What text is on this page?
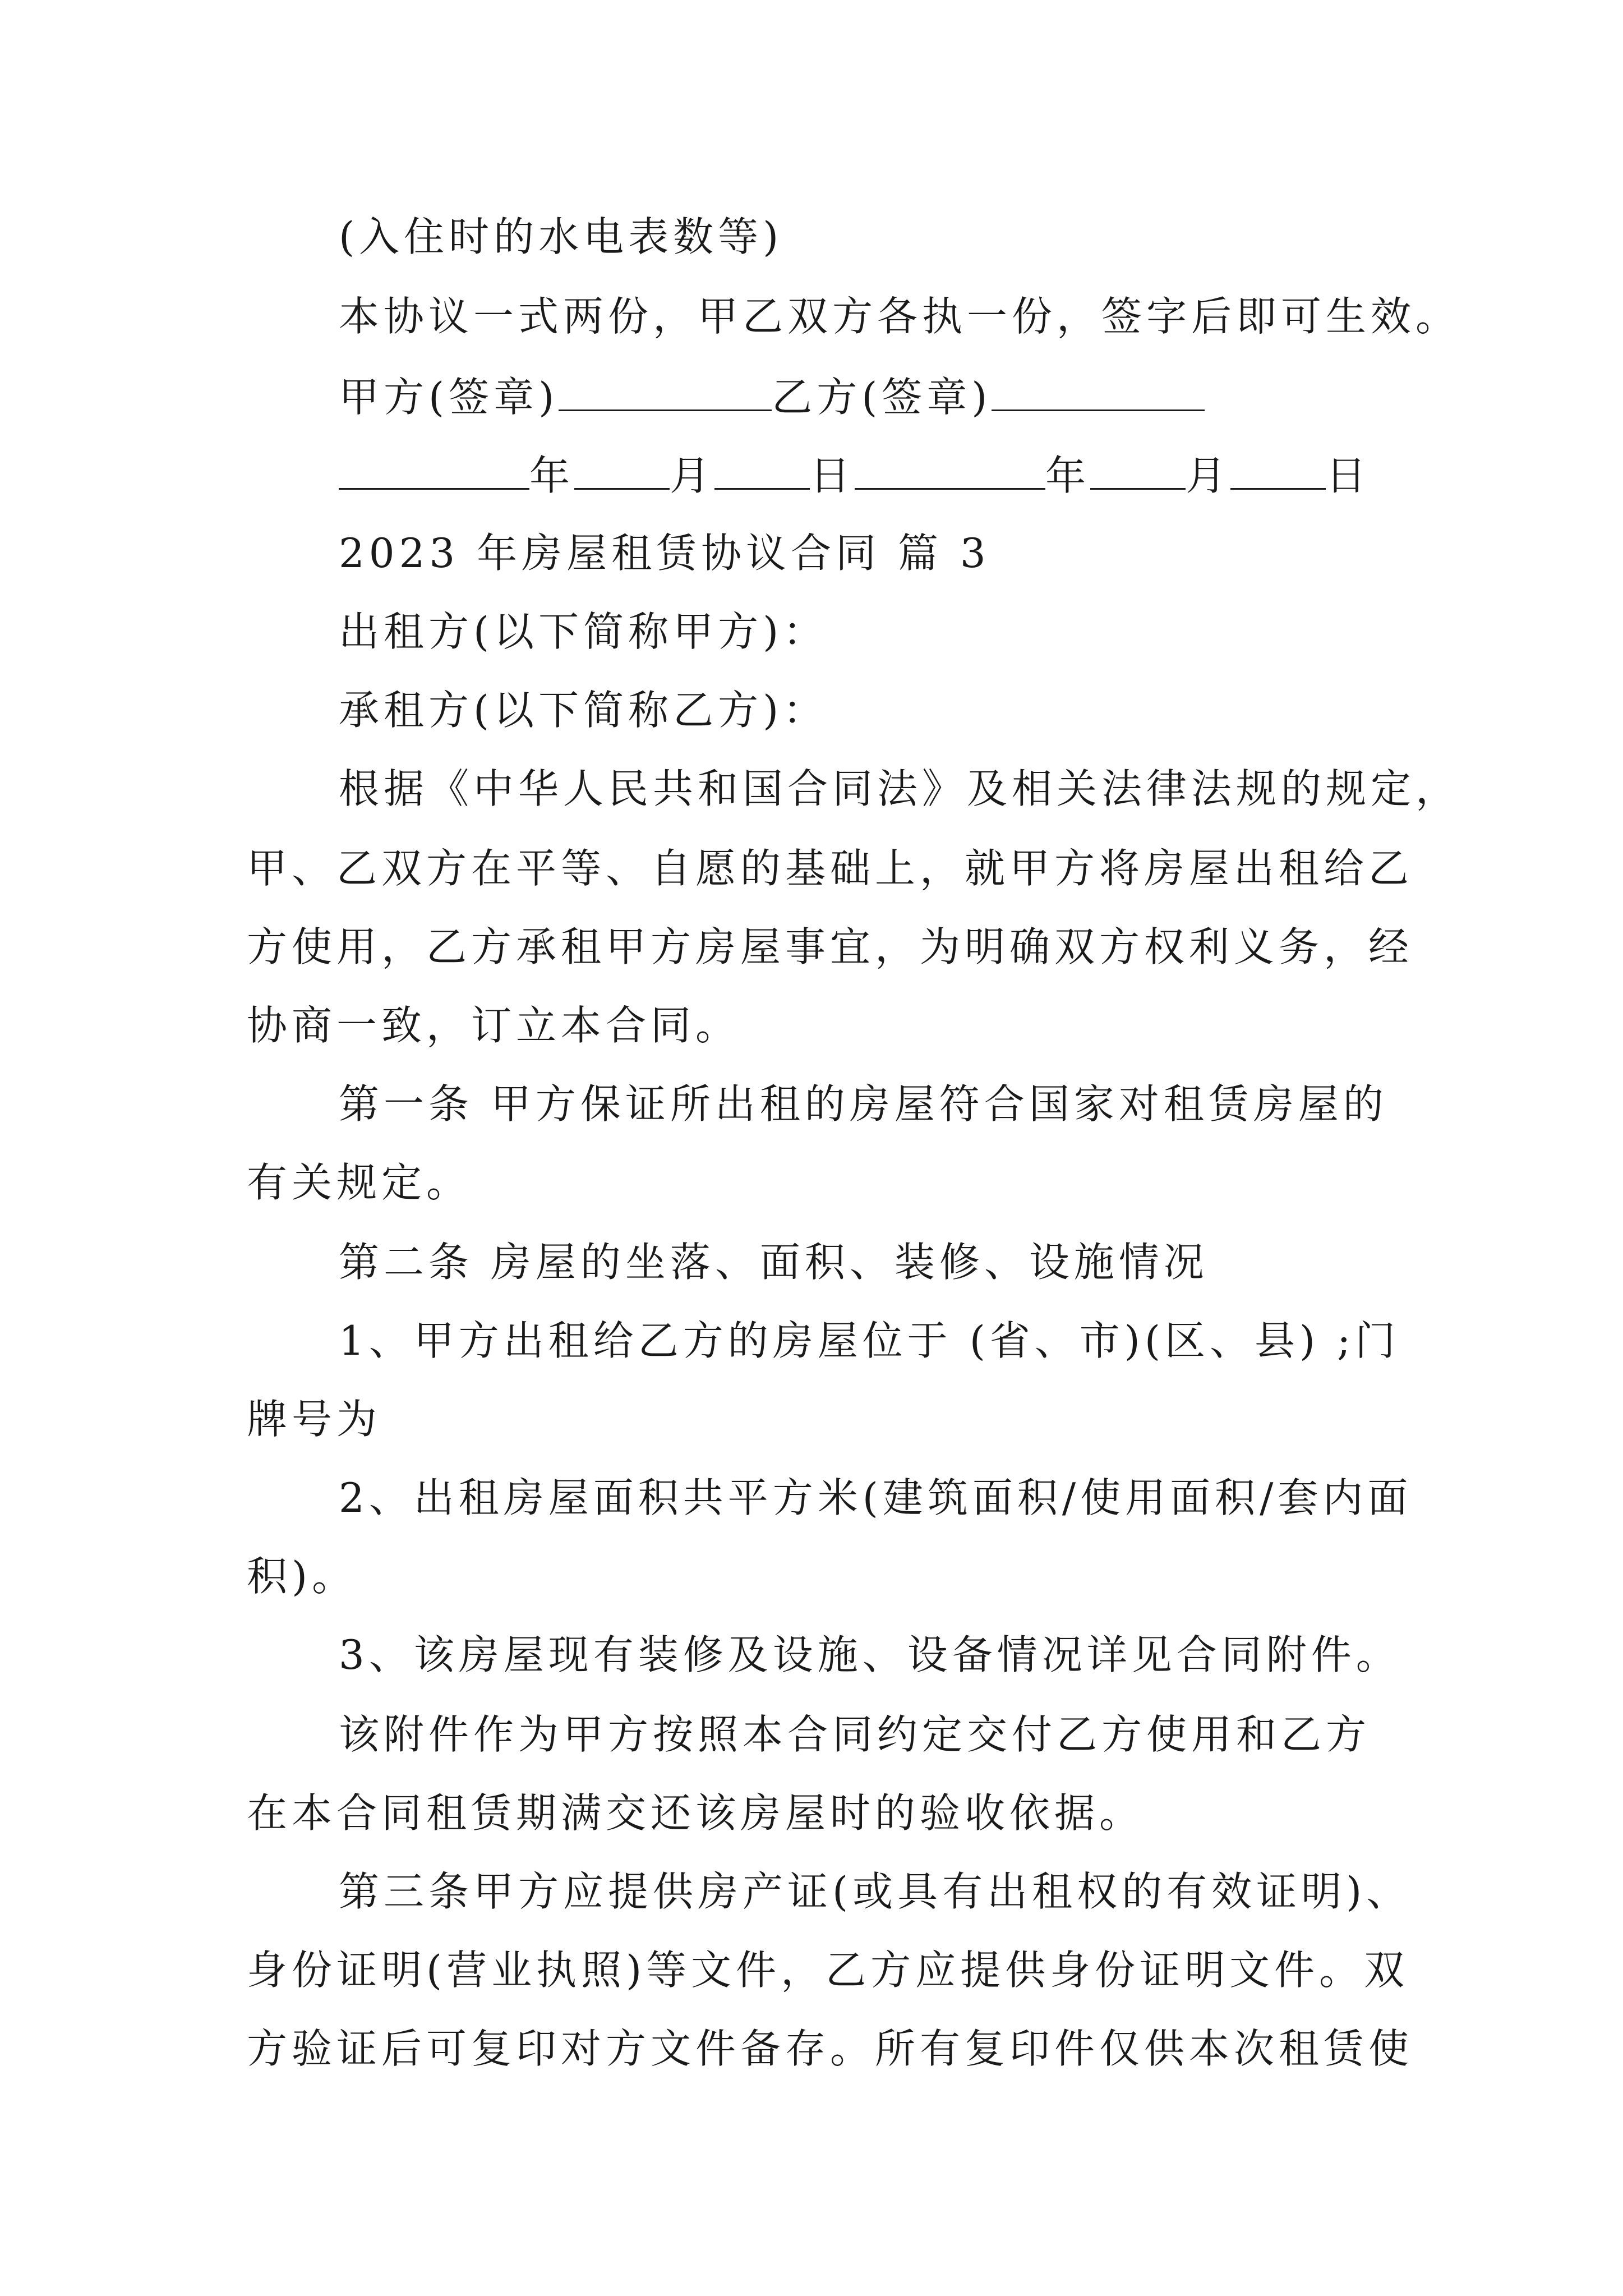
(入住时的水电表数等)
本协议一式两份，甲乙双方各执一份，签字后即可生效。
甲方(签章)	乙方(签章)
年 月 日	年 月 日
2023 年房屋租赁协议合同 篇 3
出租方(以下简称甲方)：
承租方(以下简称乙方)：
根据《中华人民共和国合同法》及相关法律法规的规定，
甲、乙双方在平等、自愿的基础上，就甲方将房屋出租给乙
方使用，乙方承租甲方房屋事宜，为明确双方权利义务，经
协商一致，订立本合同。
第一条 甲方保证所出租的房屋符合国家对租赁房屋的
有关规定。
第二条 房屋的坐落、面积、装修、设施情况
1、甲方出租给乙方的房屋位于 (省、市)(区、县) ;门
牌号为
2、出租房屋面积共平方米(建筑面积/使用面积/套内面
积)。
3、该房屋现有装修及设施、设备情况详见合同附件。
该附件作为甲方按照本合同约定交付乙方使用和乙方
在本合同租赁期满交还该房屋时的验收依据。
第三条甲方应提供房产证(或具有出租权的有效证明)、
身份证明(营业执照)等文件，乙方应提供身份证明文件。双
方验证后可复印对方文件备存。所有复印件仅供本次租赁使
